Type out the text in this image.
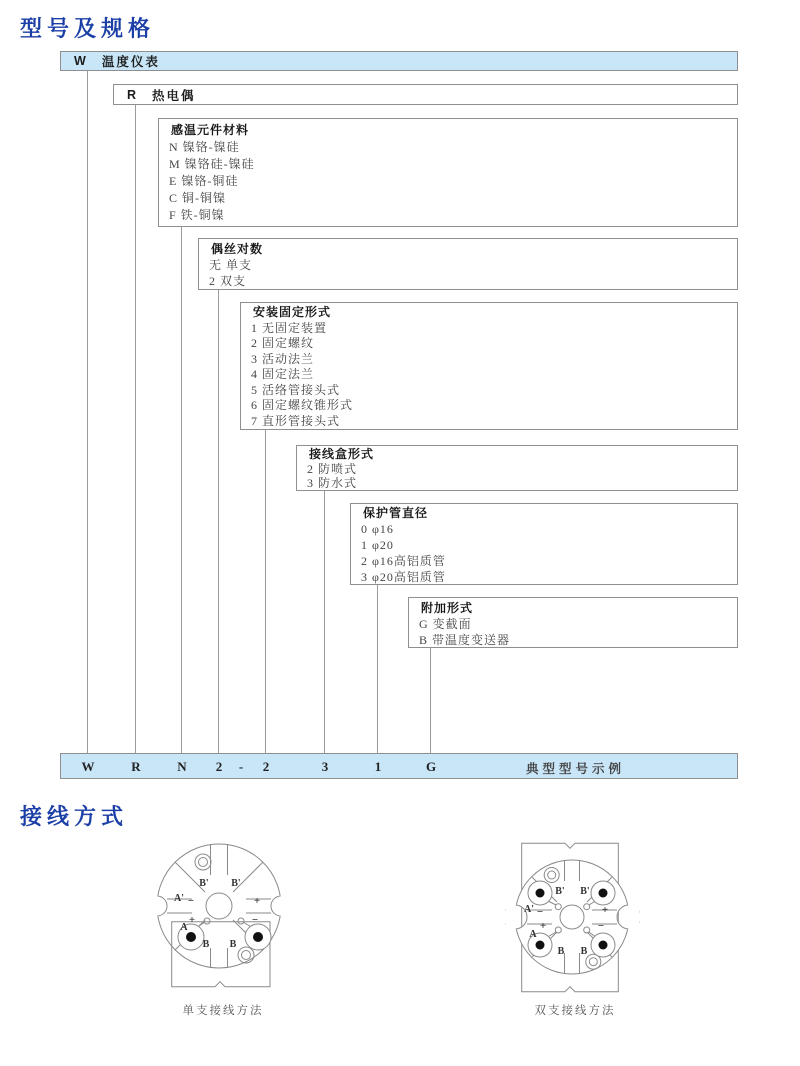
型号及规格
W 温度仪表
R 热电偶
感温元件材料
N 镍铬-镍硅
M 镍铬硅-镍硅
E 镍铬-铜硅
C 铜-铜镍
F 铁-铜镍
偶丝对数
无 单支
2 双支
安装固定形式
1 无固定装置
2 固定螺纹
3 活动法兰
4 固定法兰
5 活络管接头式
6 固定螺纹锥形式
7 直形管接头式
接线盒形式
2 防喷式
3 防水式
保护管直径
0 φ16
1 φ20
2 φ16高铝质管
3 φ20高铝质管
附加形式
G 变截面
B 带温度变送器
W	R	N 2 - 2	3	1	G	典型型号示例
接线方式
B' B'
A' −	+
+	−
A
B B
单支接线方法
B' B'
A' −	+
+	−
A
B B
双支接线方法
